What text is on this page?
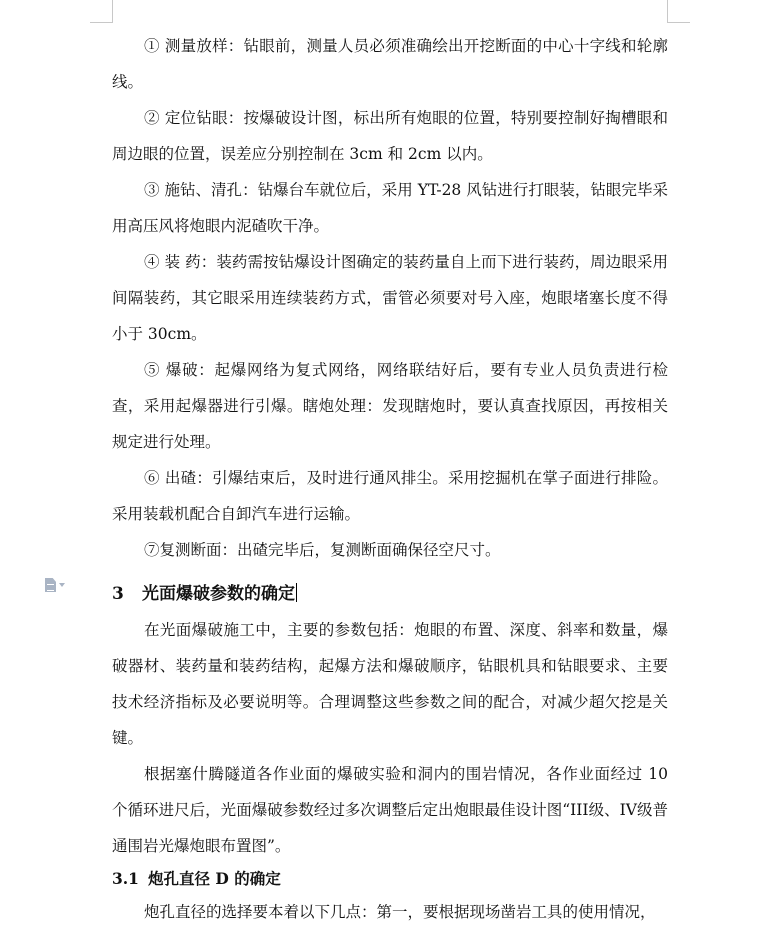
① 测量放样：钻眼前，测量人员必须准确绘出开挖断面的中心十字线和轮廓线。

② 定位钻眼：按爆破设计图，标出所有炮眼的位置，特别要控制好掏槽眼和周边眼的位置，误差应分别控制在 3cm 和 2cm 以内。

③ 施钻、清孔：钻爆台车就位后，采用 YT-28 风钻进行打眼装，钻眼完毕采用高压风将炮眼内泥碴吹干净。

④ 装 药：装药需按钻爆设计图确定的装药量自上而下进行装药，周边眼采用间隔装药，其它眼采用连续装药方式，雷管必须要对号入座，炮眼堵塞长度不得小于 30cm。

⑤ 爆破：起爆网络为复式网络，网络联结好后，要有专业人员负责进行检查，采用起爆器进行引爆。瞎炮处理：发现瞎炮时，要认真查找原因，再按相关规定进行处理。

⑥ 出碴：引爆结束后，及时进行通风排尘。采用挖掘机在掌子面进行排险。采用装载机配合自卸汽车进行运输。

⑦复测断面：出碴完毕后，复测断面确保径空尺寸。

3 光面爆破参数的确定

在光面爆破施工中，主要的参数包括：炮眼的布置、深度、斜率和数量，爆破器材、装药量和装药结构，起爆方法和爆破顺序，钻眼机具和钻眼要求、主要技术经济指标及必要说明等。合理调整这些参数之间的配合，对减少超欠挖是关键。

根据塞什腾隧道各作业面的爆破实验和洞内的围岩情况，各作业面经过 10 个循环进尺后，光面爆破参数经过多次调整后定出炮眼最佳设计图“III级、IV级普通围岩光爆炮眼布置图”。

3.1 炮孔直径 D 的确定

炮孔直径的选择要本着以下几点：第一，要根据现场凿岩工具的使用情况，
